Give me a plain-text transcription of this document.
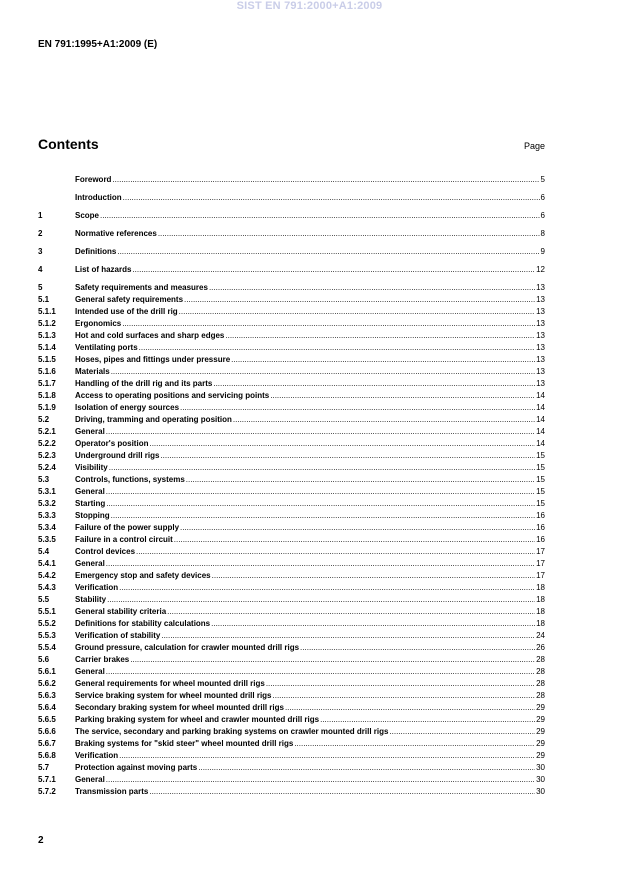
SIST EN 791:2000+A1:2009
EN 791:1995+A1:2009 (E)
Contents	Page
Foreword .....	5
Introduction .....	6
1	Scope .....	6
2	Normative references .....	8
3	Definitions .....	9
4	List of hazards .....	12
5	Safety requirements and measures .....	13
5.1	General safety requirements .....	13
5.1.1	Intended use of the drill rig .....	13
5.1.2	Ergonomics .....	13
5.1.3	Hot and cold surfaces and sharp edges .....	13
5.1.4	Ventilating ports .....	13
5.1.5	Hoses, pipes and fittings under pressure .....	13
5.1.6	Materials .....	13
5.1.7	Handling of the drill rig and its parts .....	13
5.1.8	Access to operating positions and servicing points .....	14
5.1.9	Isolation of energy sources .....	14
5.2	Driving, tramming and operating position .....	14
5.2.1	General .....	14
5.2.2	Operator's position .....	14
5.2.3	Underground drill rigs .....	15
5.2.4	Visibility .....	15
5.3	Controls, functions, systems .....	15
5.3.1	General .....	15
5.3.2	Starting .....	15
5.3.3	Stopping .....	16
5.3.4	Failure of the power supply .....	16
5.3.5	Failure in a control circuit .....	16
5.4	Control devices .....	17
5.4.1	General .....	17
5.4.2	Emergency stop and safety devices .....	17
5.4.3	Verification .....	18
5.5	Stability .....	18
5.5.1	General stability criteria .....	18
5.5.2	Definitions for stability calculations .....	18
5.5.3	Verification of stability .....	24
5.5.4	Ground pressure, calculation for crawler mounted drill rigs .....	26
5.6	Carrier brakes .....	28
5.6.1	General .....	28
5.6.2	General requirements for wheel mounted drill rigs .....	28
5.6.3	Service braking system for wheel mounted drill rigs .....	28
5.6.4	Secondary braking system for wheel mounted drill rigs .....	29
5.6.5	Parking braking system for wheel and crawler mounted drill rigs .....	29
5.6.6	The service, secondary and parking braking systems on crawler mounted drill rigs .....	29
5.6.7	Braking systems for "skid steer" wheel mounted drill rigs .....	29
5.6.8	Verification .....	29
5.7	Protection against moving parts .....	30
5.7.1	General .....	30
5.7.2	Transmission parts .....	30
2
